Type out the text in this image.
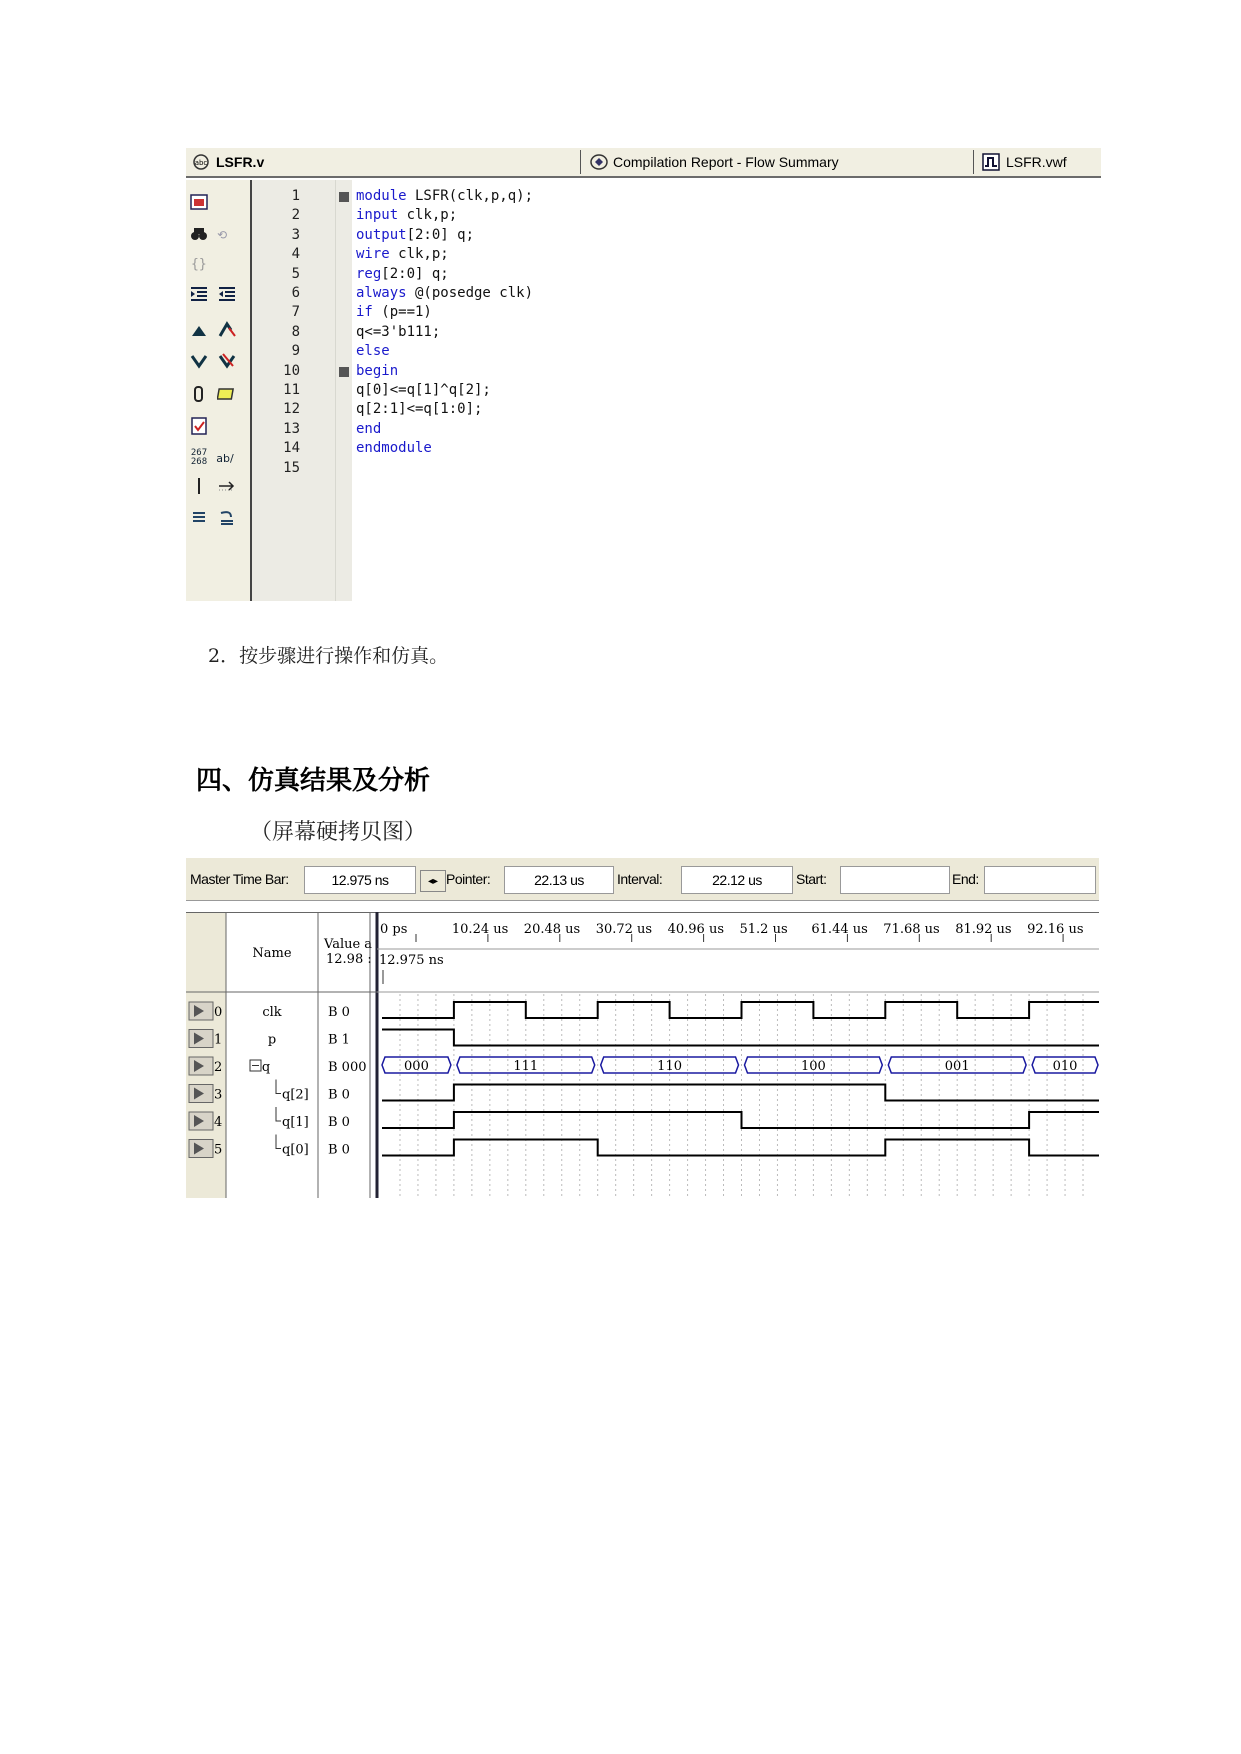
abc LSFR.v	Compilation Report - Flow Summary	LSFR.vwf
⟲
{}
267
268 ab/
1
2
3
4
5
6
7
8
9
10
11
12
13
14
15
module LSFR(clk,p,q);
input clk,p;
output[2:0] q;
wire clk,p;
reg[2:0] q;
always @(posedge clk)
if (p==1)
q<=3'b111;
else
begin
q[0]<=q[1]^q[2];
q[2:1]<=q[1:0];
end
endmodule
2．按步骤进行操作和仿真。
四、仿真结果及分析
（屏幕硬拷贝图）
Master Time Bar:	12.975 ns	◂▸ Pointer:	22.13 us	Interval:	22.12 us	Start:	End:
Name
Value a
12.98 : 12.975 ns
0 ps	10.24 us 20.48 us 30.72 us 40.96 us 51.2 us 61.44 us 71.68 us 81.92 us 92.16 us
0	clk	B 0
1	p	B 1
2	q	B 000
3	q[2] B 0
4	q[1] B 0
5	q[0] B 0
000	111	110	100	001	010
